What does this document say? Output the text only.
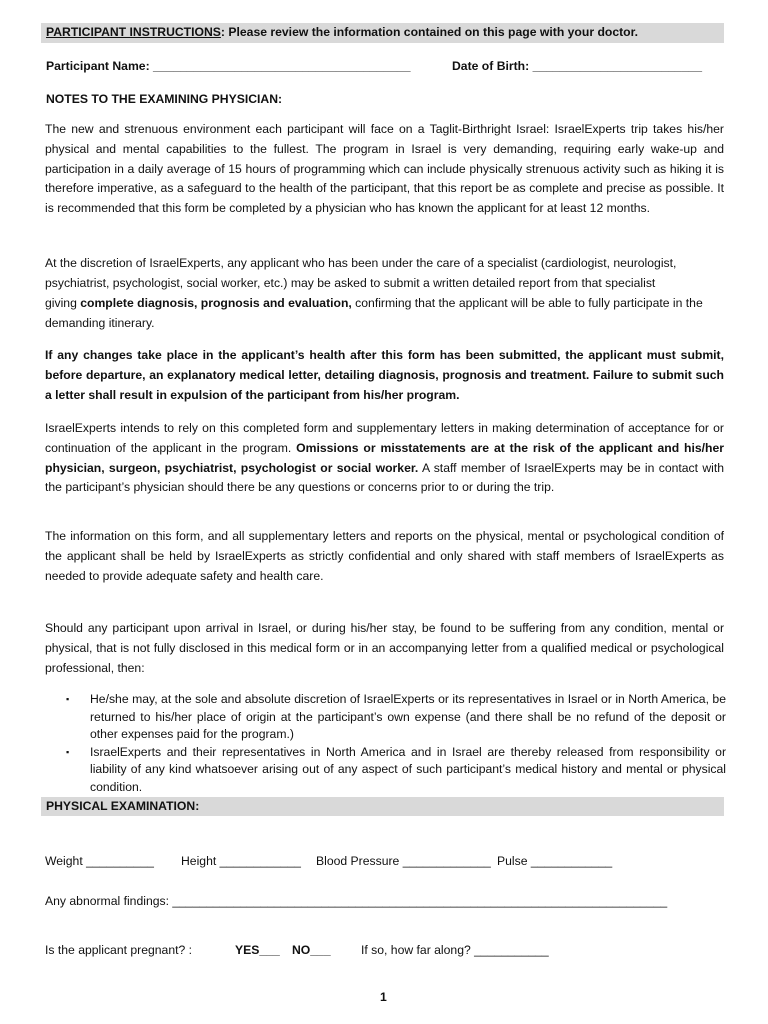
PARTICIPANT INSTRUCTIONS: Please review the information contained on this page with your doctor.
Participant Name: ______________________________________	Date of Birth: _________________________
NOTES TO THE EXAMINING PHYSICIAN:

The new and strenuous environment each participant will face on a Taglit-Birthright Israel: IsraelExperts trip takes his/her physical and mental capabilities to the fullest. The program in Israel is very demanding, requiring early wake-up and participation in a daily average of 15 hours of programming which can include physically strenuous activity such as hiking it is therefore imperative, as a safeguard to the health of the participant, that this report be as complete and precise as possible. It is recommended that this form be completed by a physician who has known the applicant for at least 12 months.

At the discretion of IsraelExperts, any applicant who has been under the care of a specialist (cardiologist, neurologist,
psychiatrist, psychologist, social worker, etc.) may be asked to submit a written detailed report from that specialist
giving complete diagnosis, prognosis and evaluation, confirming that the applicant will be able to fully participate in the
demanding itinerary.

If any changes take place in the applicant’s health after this form has been submitted, the applicant must submit, before departure, an explanatory medical letter, detailing diagnosis, prognosis and treatment. Failure to submit such a letter shall result in expulsion of the participant from his/her program.

IsraelExperts intends to rely on this completed form and supplementary letters in making determination of acceptance for or continuation of the applicant in the program. Omissions or misstatements are at the risk of the applicant and his/her physician, surgeon, psychiatrist, psychologist or social worker. A staff member of IsraelExperts may be in contact with the participant’s physician should there be any questions or concerns prior to or during the trip.

The information on this form, and all supplementary letters and reports on the physical, mental or psychological condition of the applicant shall be held by IsraelExperts as strictly confidential and only shared with staff members of IsraelExperts as needed to provide adequate safety and health care.

Should any participant upon arrival in Israel, or during his/her stay, be found to be suffering from any condition, mental or physical, that is not fully disclosed in this medical form or in an accompanying letter from a qualified medical or psychological professional, then:

▪ He/she may, at the sole and absolute discretion of IsraelExperts or its representatives in Israel or in North America, be returned to his/her place of origin at the participant’s own expense (and there shall be no refund of the deposit or other expenses paid for the program.)
▪ IsraelExperts and their representatives in North America and in Israel are thereby released from responsibility or liability of any kind whatsoever arising out of any aspect of such participant’s medical history and mental or physical condition.
PHYSICAL EXAMINATION:
Weight __________ Height ____________ Blood Pressure _____________ Pulse ____________
Any abnormal findings: _________________________________________________________________________
Is the applicant pregnant? :	YES___ NO___ If so, how far along? ___________
1
